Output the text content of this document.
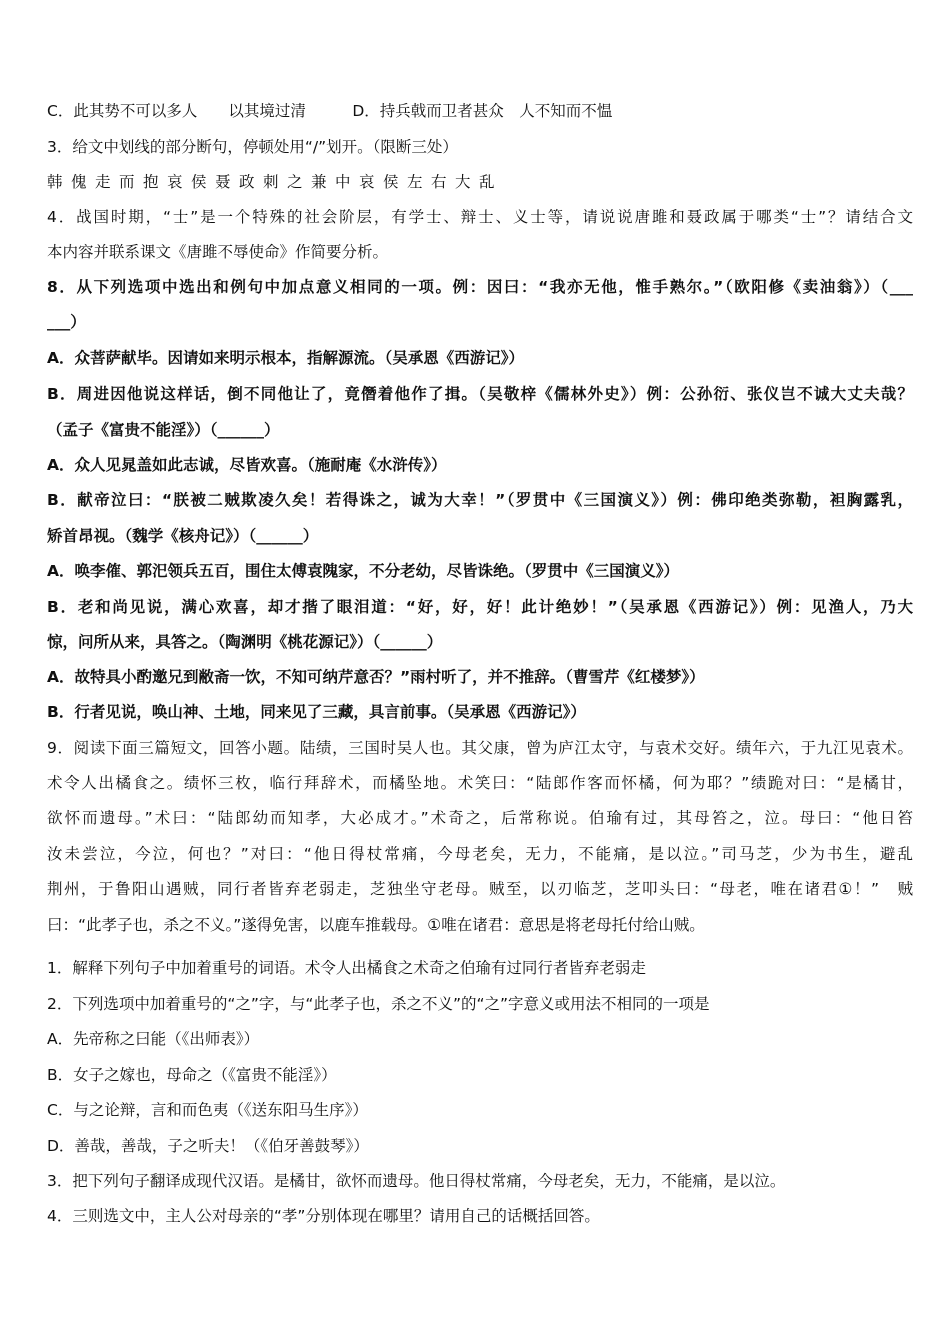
C．此其势不可以多人　　以其境过清　　　D．持兵戟而卫者甚众　人不知而不愠
3．给文中划线的部分断句，停顿处用“/”划开。（限断三处）
韩傀走而抱哀侯聂政刺之兼中哀侯左右大乱
4．战国时期，“士”是一个特殊的社会阶层，有学士、辩士、义士等，请说说唐雎和聂政属于哪类“士”？请结合文
本内容并联系课文《唐雎不辱使命》作简要分析。
8．从下列选项中选出和例句中加点意义相同的一项。例：因曰：“我亦无他，惟手熟尔。”（欧阳修《卖油翁》）（___
___）
A．众菩萨献毕。因请如来明示根本，指解源流。（吴承恩《西游记》）
B．周进因他说这样话，倒不同他让了，竟僭着他作了揖。（吴敬梓《儒林外史》）例：公孙衍、张仪岂不诚大丈夫哉？
（孟子《富贵不能淫》）（______）
A．众人见晁盖如此志诚，尽皆欢喜。（施耐庵《水浒传》）
B．献帝泣曰：“朕被二贼欺凌久矣！若得诛之，诚为大幸！”（罗贯中《三国演义》）例：佛印绝类弥勒，袒胸露乳，
矫首昂视。（魏学《核舟记》）（______）
A．唤李傕、郭汜领兵五百，围住太傅袁隗家，不分老幼，尽皆诛绝。（罗贯中《三国演义》）
B．老和尚见说，满心欢喜，却才揩了眼泪道：“好，好，好！此计绝妙！”（吴承恩《西游记》）例：见渔人，乃大
惊，问所从来，具答之。（陶渊明《桃花源记》）（______）
A．故特具小酌邀兄到敝斋一饮，不知可纳芹意否？”雨村听了，并不推辞。（曹雪芹《红楼梦》）
B．行者见说，唤山神、土地，同来见了三藏，具言前事。（吴承恩《西游记》）
9．阅读下面三篇短文，回答小题。陆绩，三国时吴人也。其父康，曾为庐江太守，与袁术交好。绩年六，于九江见袁术。
术令人出橘食之。绩怀三枚，临行拜辞术，而橘坠地。术笑曰：“陆郎作客而怀橘，何为耶？”绩跪对曰：“是橘甘，
欲怀而遗母。”术曰：“陆郎幼而知孝，大必成才。”术奇之，后常称说。伯瑜有过，其母笞之，泣。母曰：“他日笞
汝未尝泣，今泣，何也？”对曰：“他日得杖常痛，今母老矣，无力，不能痛，是以泣。”司马芝，少为书生，避乱
荆州，于鲁阳山遇贼，同行者皆弃老弱走，芝独坐守老母。贼至，以刃临芝，芝叩头曰：“母老，唯在诸君①！”　贼
曰：“此孝子也，杀之不义。”遂得免害，以鹿车推载母。①唯在诸君：意思是将老母托付给山贼。
1．解释下列句子中加着重号的词语。术令人出橘食之术奇之伯瑜有过同行者皆弃老弱走
2．下列选项中加着重号的“之”字，与“此孝子也，杀之不义”的“之”字意义或用法不相同的一项是
A．先帝称之曰能（《出师表》）
B．女子之嫁也，母命之（《富贵不能淫》）
C．与之论辩，言和而色夷（《送东阳马生序》）
D．善哉，善哉，子之听夫！（《伯牙善鼓琴》）
3．把下列句子翻译成现代汉语。是橘甘，欲怀而遗母。他日得杖常痛，今母老矣，无力，不能痛，是以泣。
4．三则选文中，主人公对母亲的“孝”分别体现在哪里？请用自己的话概括回答。
